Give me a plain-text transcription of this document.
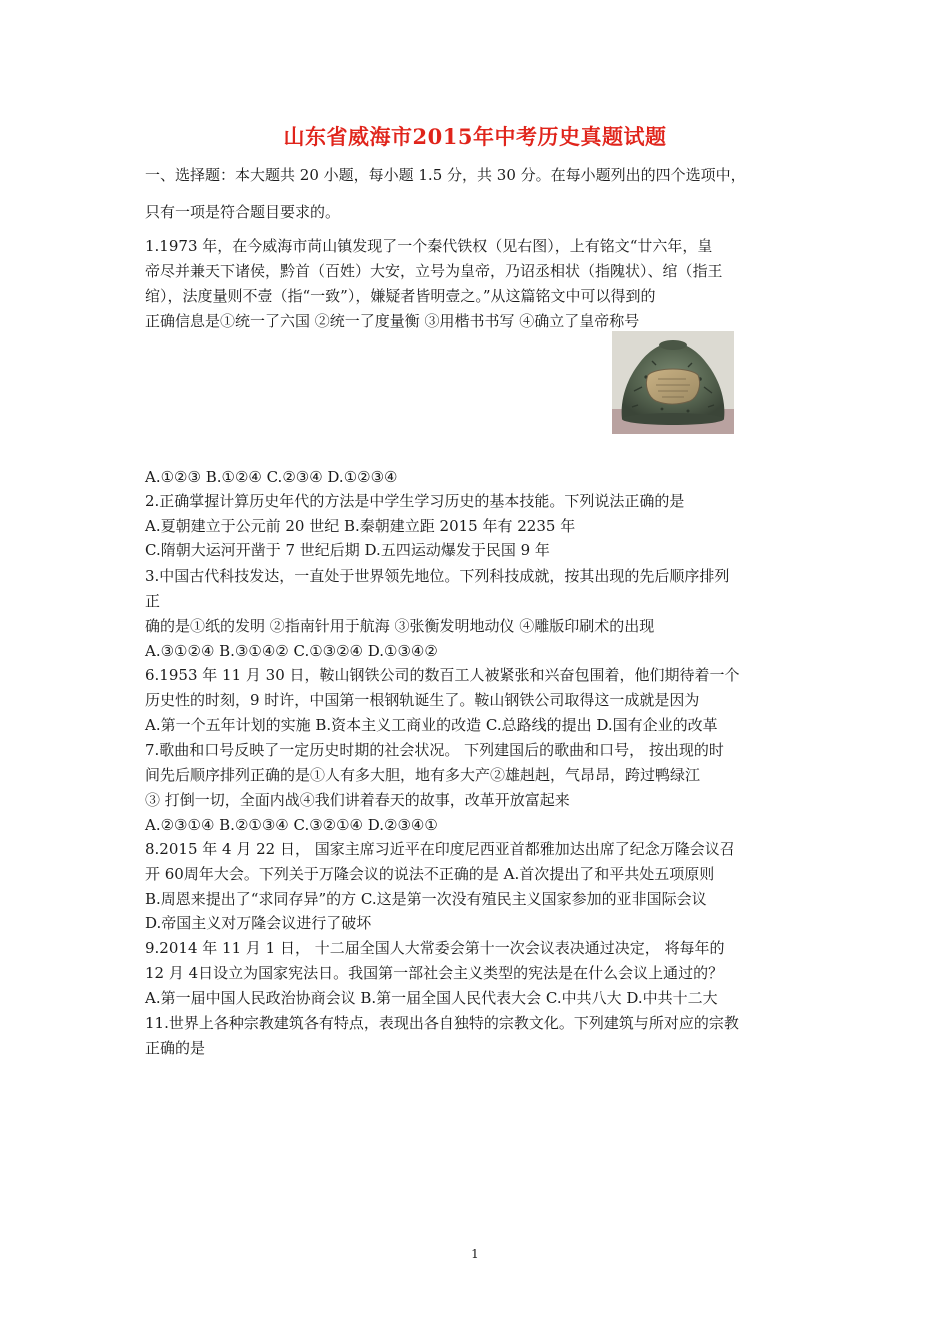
山东省威海市2015年中考历史真题试题
一、选择题：本大题共 20 小题，每小题 1.5 分，共 30 分。在每小题列出的四个选项中，
只有一项是符合题目要求的。
1.1973 年，在今威海市苘山镇发现了一个秦代铁权（见右图），上有铭文“廿六年，皇
帝尽并兼天下诸侯，黔首（百姓）大安，立号为皇帝，乃诏丞相状（指隗状）、绾（指王
绾），法度量则不壹（指“一致”），嫌疑者皆明壹之。”从这篇铭文中可以得到的
正确信息是①统一了六国 ②统一了度量衡 ③用楷书书写 ④确立了皇帝称号
A.①②③ B.①②④ C.②③④ D.①②③④
2.正确掌握计算历史年代的方法是中学生学习历史的基本技能。下列说法正确的是
A.夏朝建立于公元前 20 世纪 B.秦朝建立距 2015 年有 2235 年
C.隋朝大运河开凿于 7 世纪后期 D.五四运动爆发于民国 9 年
3.中国古代科技发达，一直处于世界领先地位。下列科技成就，按其出现的先后顺序排列
正
确的是①纸的发明 ②指南针用于航海 ③张衡发明地动仪 ④雕版印刷术的出现
A.③①②④ B.③①④② C.①③②④ D.①③④②
6.1953 年 11 月 30 日，鞍山钢铁公司的数百工人被紧张和兴奋包围着，他们期待着一个
历史性的时刻，9 时许，中国第一根钢轨诞生了。鞍山钢铁公司取得这一成就是因为
A.第一个五年计划的实施 B.资本主义工商业的改造 C.总路线的提出 D.国有企业的改革
7.歌曲和口号反映了一定历史时期的社会状况。 下列建国后的歌曲和口号， 按出现的时
间先后顺序排列正确的是①人有多大胆，地有多大产②雄赳赳，气昂昂，跨过鸭绿江
③ 打倒一切，全面内战④我们讲着春天的故事，改革开放富起来
A.②③①④ B.②①③④ C.③②①④ D.②③④①
8.2015 年 4 月 22 日， 国家主席习近平在印度尼西亚首都雅加达出席了纪念万隆会议召
开 60周年大会。下列关于万隆会议的说法不正确的是 A.首次提出了和平共处五项原则
B.周恩来提出了“求同存异”的方 C.这是第一次没有殖民主义国家参加的亚非国际会议
D.帝国主义对万隆会议进行了破坏
9.2014 年 11 月 1 日， 十二届全国人大常委会第十一次会议表决通过决定， 将每年的
12 月 4日设立为国家宪法日。我国第一部社会主义类型的宪法是在什么会议上通过的？
A.第一届中国人民政治协商会议 B.第一届全国人民代表大会 C.中共八大 D.中共十二大
11.世界上各种宗教建筑各有特点，表现出各自独特的宗教文化。下列建筑与所对应的宗教
正确的是
1
